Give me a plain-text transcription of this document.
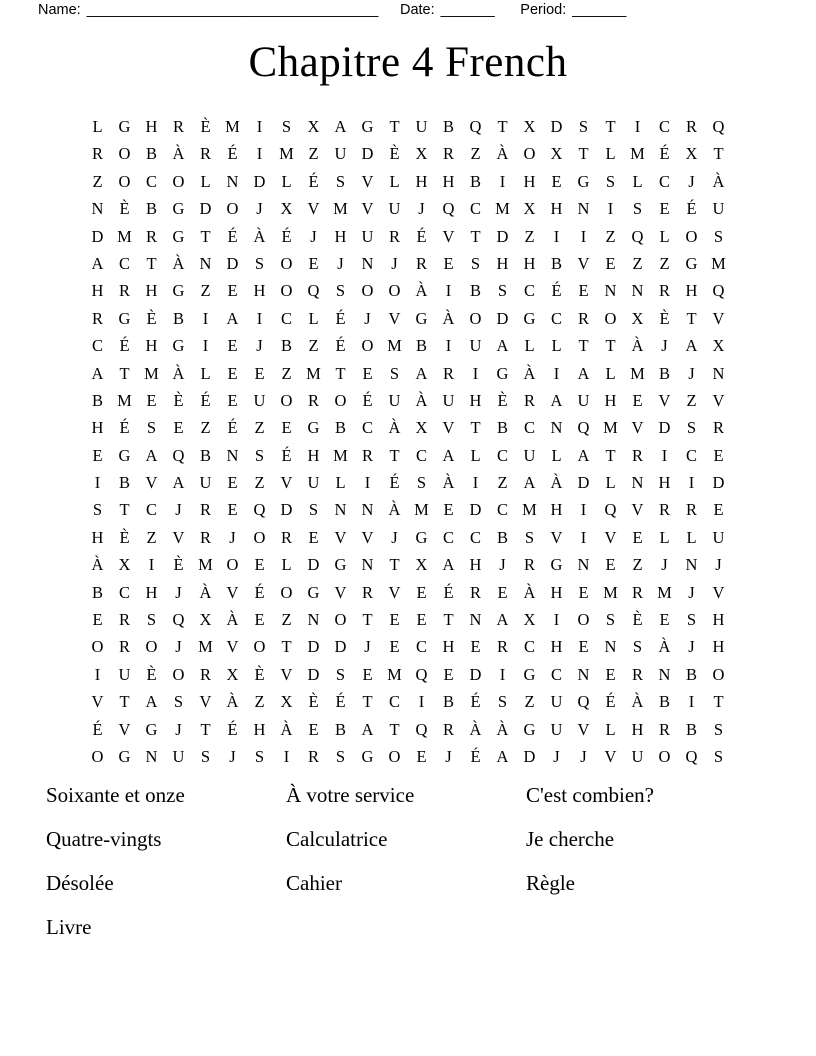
Name: ______________________________________ Date: _______ Period: _______
Chapitre 4 French
L G H R È M	I	S X A G T U B Q T X D S	T	I	C R Q
R O B À R É	I	M Z U D È X R Z À O X T	L M É X T
Z O C O L N D L	É	S V L H H B	I	H E G S	L C	J	À
N È B G D O	J	X V M V U	J	Q C M X H N	I	S	E	É U
D M R G T	É À É	J	H U R É V T D Z	I	I	Z Q L O S
A C T À N D S O E	J	N	J	R E	S H H B V E	Z	Z G M
H R H G Z	E H O Q S O O À	I	B	S	C É	E N N R H Q
R G È B	I	A	I	C L	É	J	V G À O D G C R O X È	T V
C É H G	I	E	J	B Z	É O M B	I	U A L	L	T	T À	J	A X
A T M À L	E	E	Z M T	E	S A R	I	G À	I	A L M B	J	N
B M E	È	É	E U O R O É U À U H È R A U H E V Z V
H É	S	E	Z	É	Z	E G B C À X V T B C N Q M V D S	R
E G A Q B N S	É H M R T C A L C U L A T R	I	C E
I	B V A U E	Z V U L	I	É	S À	I	Z A À D L N H	I	D
S	T C	J	R E Q D S N N À M E D C M H	I	Q V R R E
H È	Z V R	J	O R E V V	J	G C C B	S V	I	V E	L	L U
À X	I	È M O E	L D G N T X A H	J	R G N E	Z	J	N	J
B C H	J	À V É O G V R V E	É R E À H E M R M J	V
E R	S Q X À E	Z N O T	E	E	T N A X	I	O S	È	E	S H
O R O	J M V O T D D	J	E C H E R C H E N S À	J	H
I	U È O R X È V D S	E M Q E D	I	G C N E R N B O
V T A S V À Z X È	É	T C	I	B É	S	Z U Q É À B	I	T
É V G	J	T	É H À E B A T Q R À À G U V L H R B	S
O G N U S	J	S	I	R	S G O E	J	É A D	J	J	V U O Q S
Soixante et onze	À votre service	C'est combien?
Quatre-vingts	Calculatrice	Je cherche
Désolée	Cahier	Règle
Livre
